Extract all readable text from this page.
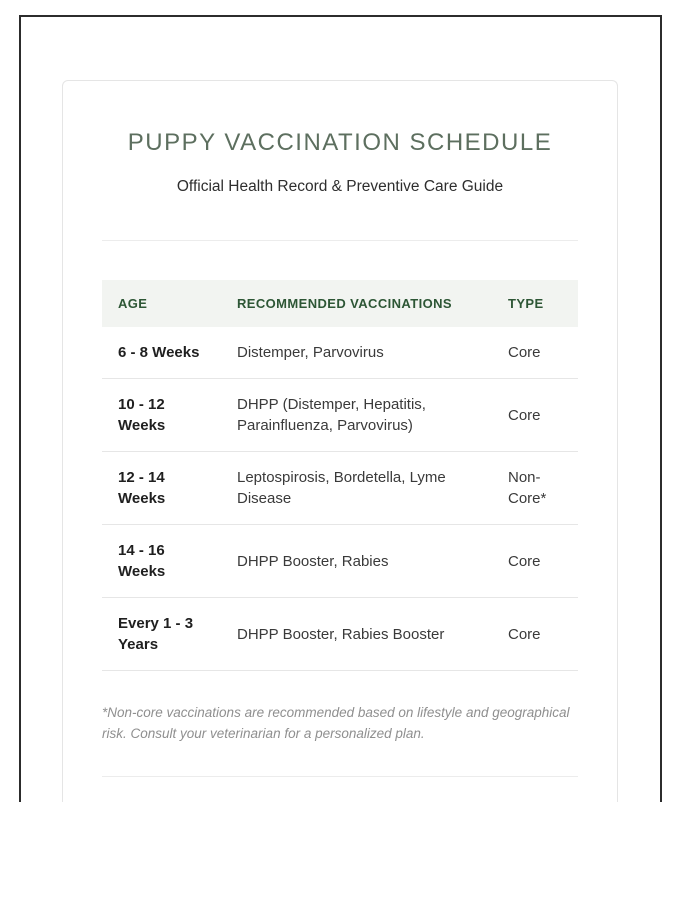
PUPPY VACCINATION SCHEDULE

Official Health Record & Preventive Care Guide

AGE	RECOMMENDED VACCINATIONS	TYPE
6 - 8 Weeks	Distemper, Parvovirus	Core
10 - 12 Weeks	DHPP (Distemper, Hepatitis, Parainfluenza, Parvovirus)	Core
12 - 14 Weeks	Leptospirosis, Bordetella, Lyme Disease	Non-Core*
14 - 16 Weeks	DHPP Booster, Rabies	Core
Every 1 - 3 Years	DHPP Booster, Rabies Booster	Core

*Non-core vaccinations are recommended based on lifestyle and geographical risk. Consult your veterinarian for a personalized plan.
